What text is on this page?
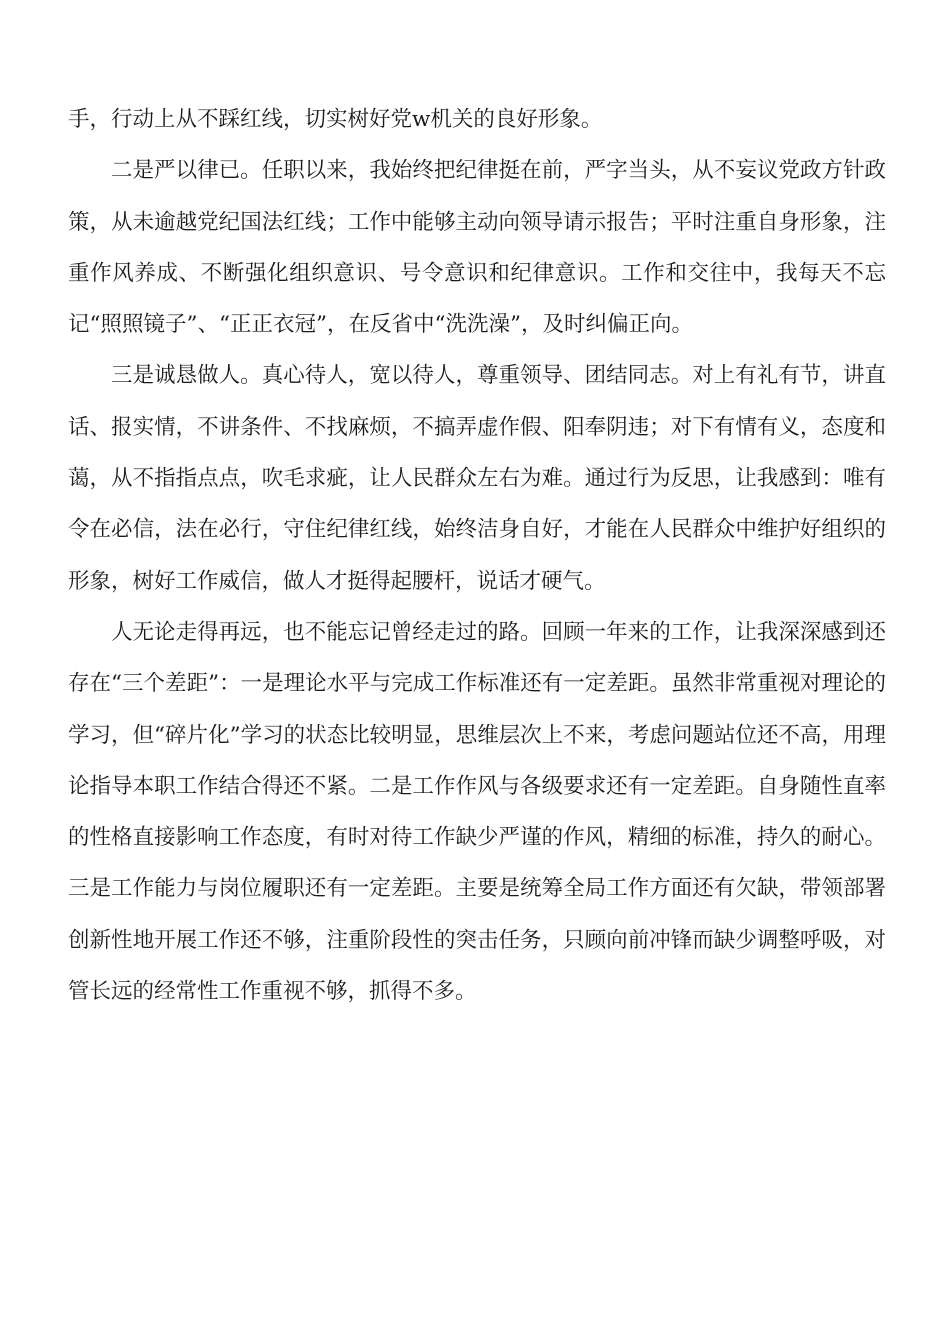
手，行动上从不踩红线，切实树好党w机关的良好形象。

二是严以律已。任职以来，我始终把纪律挺在前，严字当头，从不妄议党政方针政策，从未逾越党纪国法红线；工作中能够主动向领导请示报告；平时注重自身形象，注重作风养成、不断强化组织意识、号令意识和纪律意识。工作和交往中，我每天不忘记“照照镜子”、“正正衣冠”，在反省中“洗洗澡”，及时纠偏正向。

三是诚恳做人。真心待人，宽以待人，尊重领导、团结同志。对上有礼有节，讲直话、报实情，不讲条件、不找麻烦，不搞弄虚作假、阳奉阴违；对下有情有义，态度和蔼，从不指指点点，吹毛求疵，让人民群众左右为难。通过行为反思，让我感到：唯有令在必信，法在必行，守住纪律红线，始终洁身自好，才能在人民群众中维护好组织的形象，树好工作威信，做人才挺得起腰杆，说话才硬气。

人无论走得再远，也不能忘记曾经走过的路。回顾一年来的工作，让我深深感到还存在“三个差距”：一是理论水平与完成工作标准还有一定差距。虽然非常重视对理论的学习，但“碎片化”学习的状态比较明显，思维层次上不来，考虑问题站位还不高，用理论指导本职工作结合得还不紧。二是工作作风与各级要求还有一定差距。自身随性直率的性格直接影响工作态度，有时对待工作缺少严谨的作风，精细的标准，持久的耐心。三是工作能力与岗位履职还有一定差距。主要是统筹全局工作方面还有欠缺，带领部署创新性地开展工作还不够，注重阶段性的突击任务，只顾向前冲锋而缺少调整呼吸，对管长远的经常性工作重视不够，抓得不多。
